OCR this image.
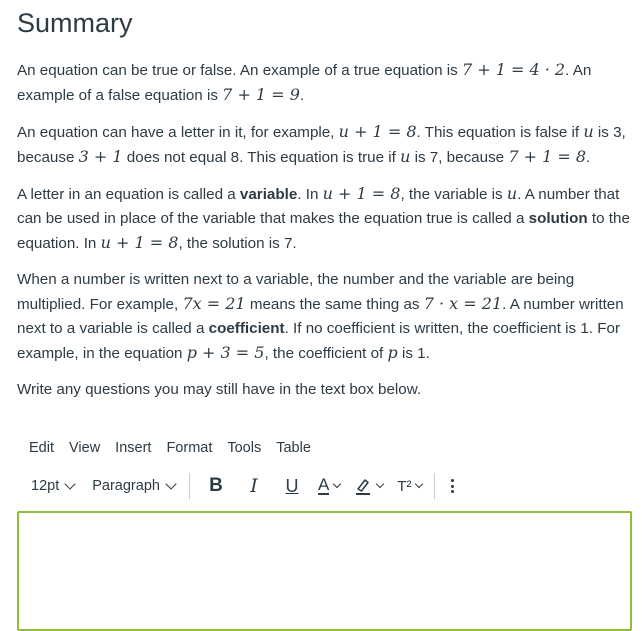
Summary

An equation can be true or false. An example of a true equation is 7 + 1 = 4 · 2. An example of a false equation is 7 + 1 = 9.

An equation can have a letter in it, for example, u + 1 = 8. This equation is false if u is 3, because 3 + 1 does not equal 8. This equation is true if u is 7, because 7 + 1 = 8.

A letter in an equation is called a variable. In u + 1 = 8, the variable is u. A number that can be used in place of the variable that makes the equation true is called a solution to the equation. In u + 1 = 8, the solution is 7.

When a number is written next to a variable, the number and the variable are being multiplied. For example, 7x = 21 means the same thing as 7 · x = 21. A number written next to a variable is called a coefficient. If no coefficient is written, the coefficient is 1. For example, in the equation p + 3 = 5, the coefficient of p is 1.

Write any questions you may still have in the text box below.

Edit View Insert Format Tools Table
12pt Paragraph	B I U A	T²
